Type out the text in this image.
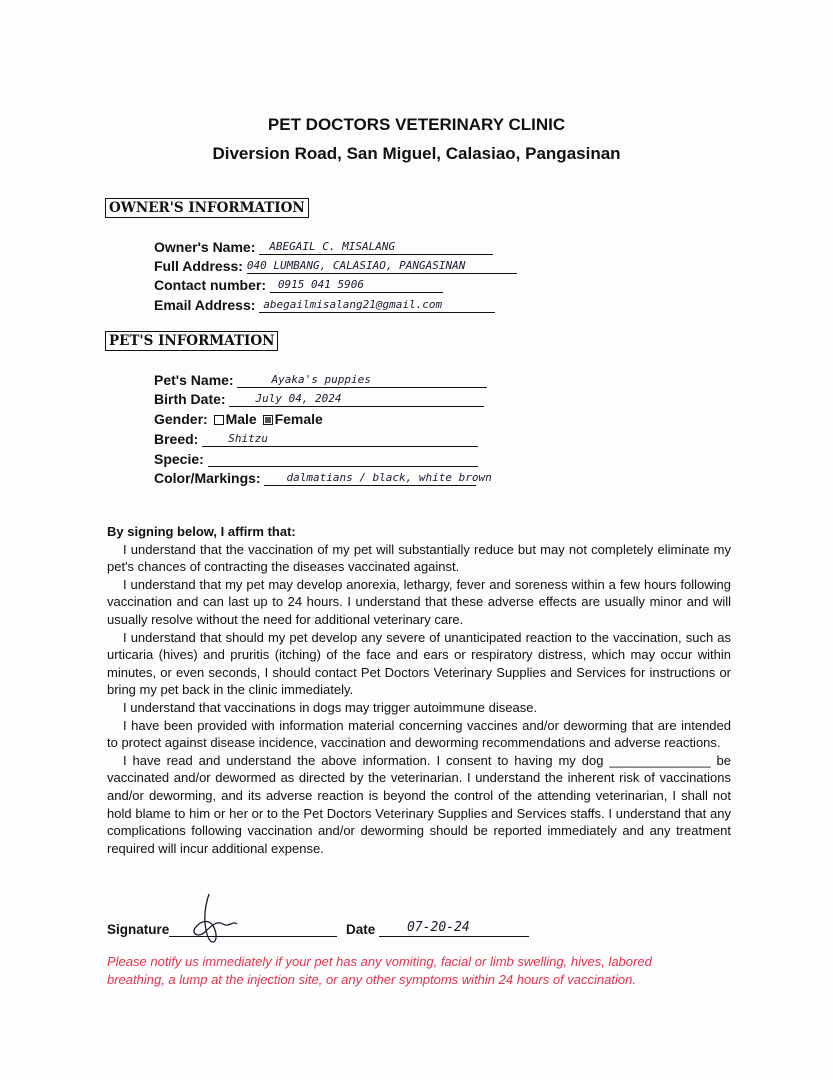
PET DOCTORS VETERINARY CLINIC
Diversion Road, San Miguel, Calasiao, Pangasinan
OWNER'S INFORMATION
Owner's Name: ABEGAIL C. MISALANG
Full Address: 040 LUMBANG, CALASIAO, PANGASINAN
Contact number: 0915 041 5906
Email Address: abegailmisalang21@gmail.com
PET'S INFORMATION
Pet's Name:	Ayaka's puppies
Birth Date:	July 04, 2024
Gender: Male Female
Breed:	Shitzu
Specie:
Color/Markings: dalmatians / black, white brown

By signing below, I affirm that:

I understand that the vaccination of my pet will substantially reduce but may not completely eliminate my pet's chances of contracting the diseases vaccinated against.

I understand that my pet may develop anorexia, lethargy, fever and soreness within a few hours following vaccination and can last up to 24 hours. I understand that these adverse effects are usually minor and will usually resolve without the need for additional veterinary care.

I understand that should my pet develop any severe of unanticipated reaction to the vaccination, such as urticaria (hives) and pruritis (itching) of the face and ears or respiratory distress, which may occur within minutes, or even seconds, I should contact Pet Doctors Veterinary Supplies and Services for instructions or bring my pet back in the clinic immediately.

I understand that vaccinations in dogs may trigger autoimmune disease.

I have been provided with information material concerning vaccines and/or deworming that are intended to protect against disease incidence, vaccination and deworming recommendations and adverse reactions.

I have read and understand the above information. I consent to having my dog ______________ be vaccinated and/or dewormed as directed by the veterinarian. I understand the inherent risk of vaccinations and/or deworming, and its adverse reaction is beyond the control of the attending veterinarian, I shall not hold blame to him or her or to the Pet Doctors Veterinary Supplies and Services staffs. I understand that any complications following vaccination and/or deworming should be reported immediately and any treatment required will incur additional expense.

Signature	Date 07-20-24
Please notify us immediately if your pet has any vomiting, facial or limb swelling, hives, labored breathing, a lump at the injection site, or any other symptoms within 24 hours of vaccination.
